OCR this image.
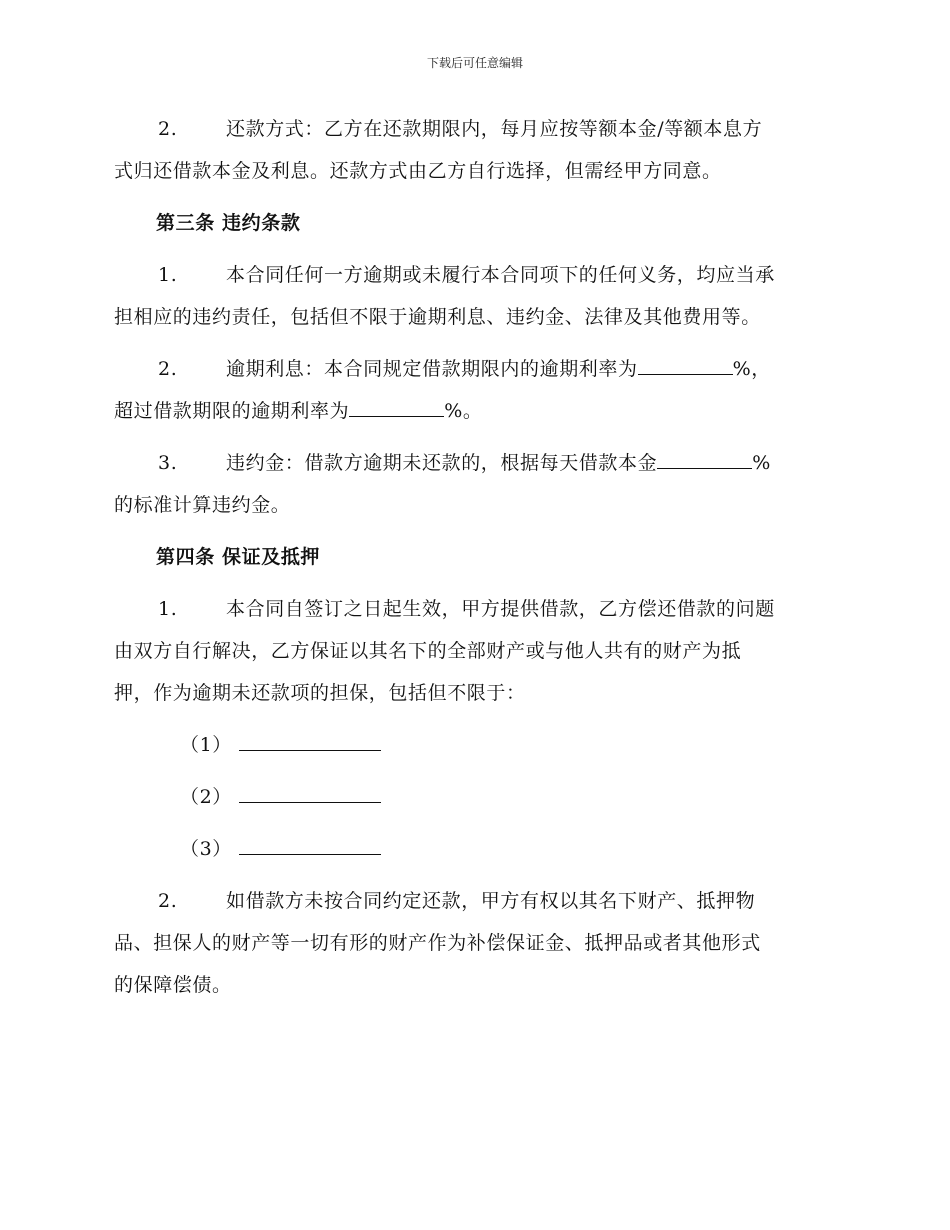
下载后可任意编辑
2.	还款方式：乙方在还款期限内，每月应按等额本金/等额本息方
式归还借款本金及利息。还款方式由乙方自行选择，但需经甲方同意。
第三条 违约条款
1.	本合同任何一方逾期或未履行本合同项下的任何义务，均应当承
担相应的违约责任，包括但不限于逾期利息、违约金、法律及其他费用等。
2.	逾期利息：本合同规定借款期限内的逾期利率为	%，
超过借款期限的逾期利率为	%。
3.	违约金：借款方逾期未还款的，根据每天借款本金	%
的标准计算违约金。
第四条 保证及抵押
1.	本合同自签订之日起生效，甲方提供借款，乙方偿还借款的问题
由双方自行解决，乙方保证以其名下的全部财产或与他人共有的财产为抵
押，作为逾期未还款项的担保，包括但不限于：
（1）
（2）
（3）
2.	如借款方未按合同约定还款，甲方有权以其名下财产、抵押物
品、担保人的财产等一切有形的财产作为补偿保证金、抵押品或者其他形式
的保障偿债。
